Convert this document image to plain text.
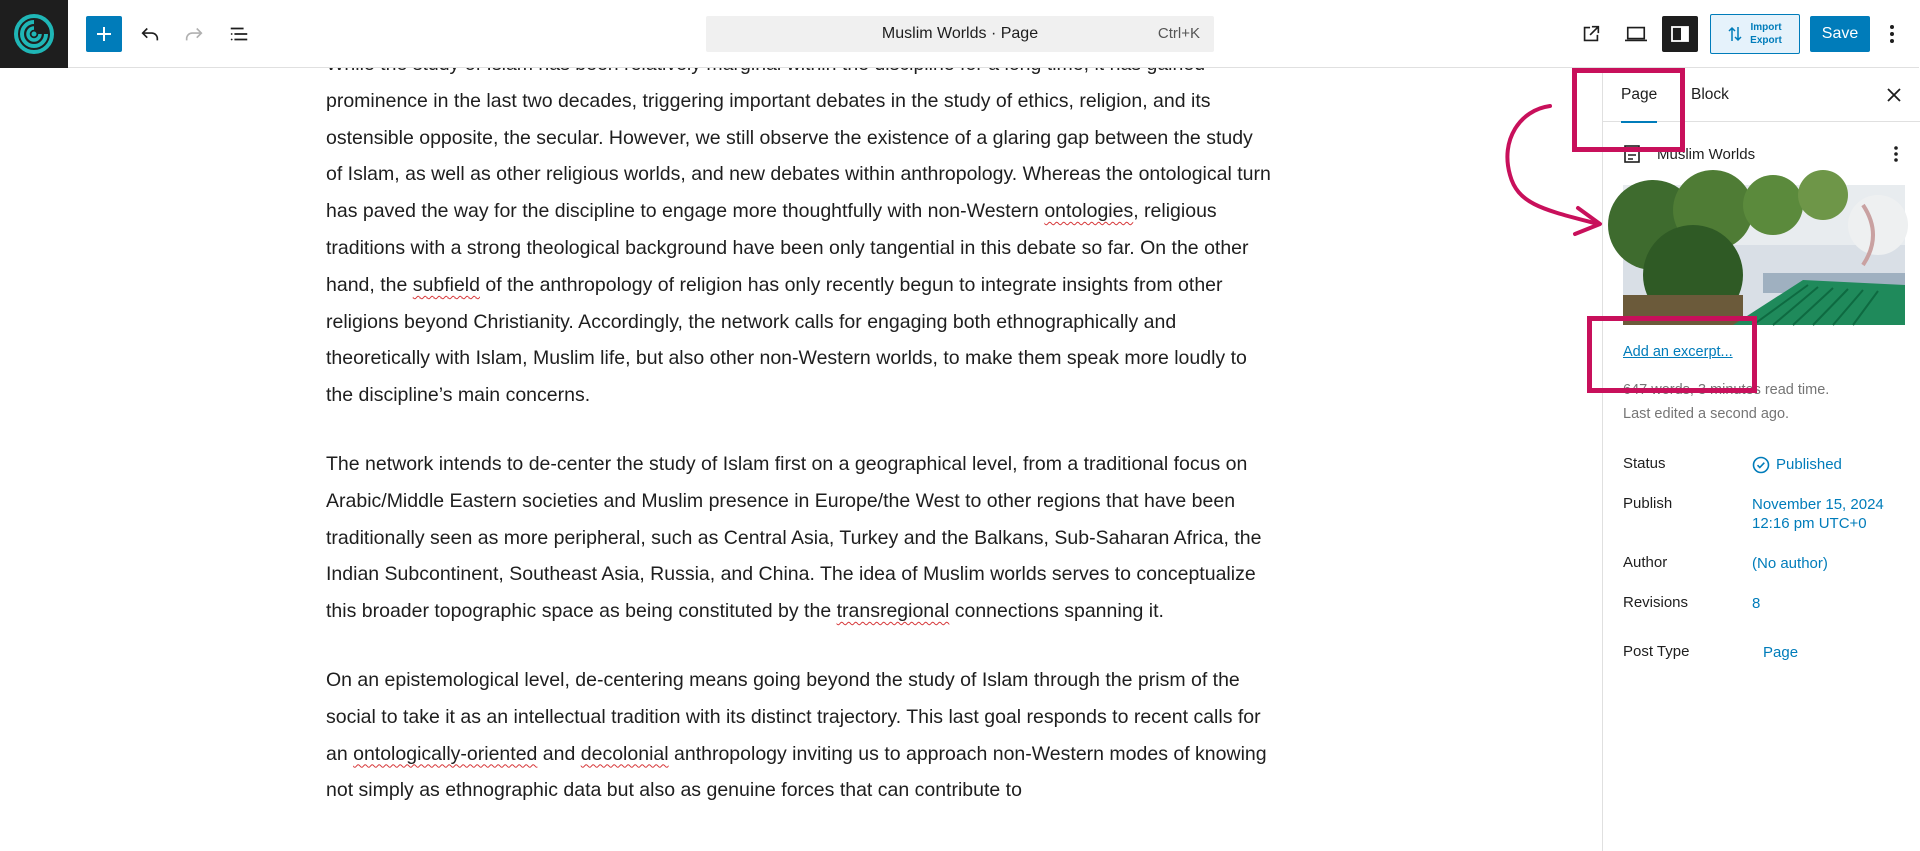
Muslim Worlds · Page	Ctrl+K	Import
Export	Save

prominence in the last two decades, triggering important debates in the study of ethics, religion, and its ostensible opposite, the secular. However, we still observe the existence of a glaring gap between the study of Islam, as well as other religious worlds, and new debates within anthropology. Whereas the ontological turn has paved the way for the discipline to engage more thoughtfully with non-Western ontologies, religious traditions with a strong theological background have been only tangential in this debate so far. On the other hand, the subfield of the anthropology of religion has only recently begun to integrate insights from other religions beyond Christianity. Accordingly, the network calls for engaging both ethnographically and theoretically with Islam, Muslim life, but also other non-Western worlds, to make them speak more loudly to the discipline’s main concerns.

The network intends to de-center the study of Islam first on a geographical level, from a traditional focus on Arabic/Middle Eastern societies and Muslim presence in Europe/the West to other regions that have been traditionally seen as more peripheral, such as Central Asia, Turkey and the Balkans, Sub-Saharan Africa, the Indian Subcontinent, Southeast Asia, Russia, and China. The idea of Muslim worlds serves to conceptualize this broader topographic space as being constituted by the transregional connections spanning it.

On an epistemological level, de-centering means going beyond the study of Islam through the prism of the social to take it as an intellectual tradition with its distinct trajectory. This last goal responds to recent calls for an ontologically-oriented and decolonial anthropology inviting us to approach non-Western modes of knowing not simply as ethnographic data but also as genuine forces that can contribute to

Page	Block
Muslim Worlds
Add an excerpt...
647 words, 3 minutes read time.
Last edited a second ago.
Status	Published
Publish	November 15, 2024
12:16 pm UTC+0
Author	(No author)
Revisions	8
Post Type	Page
